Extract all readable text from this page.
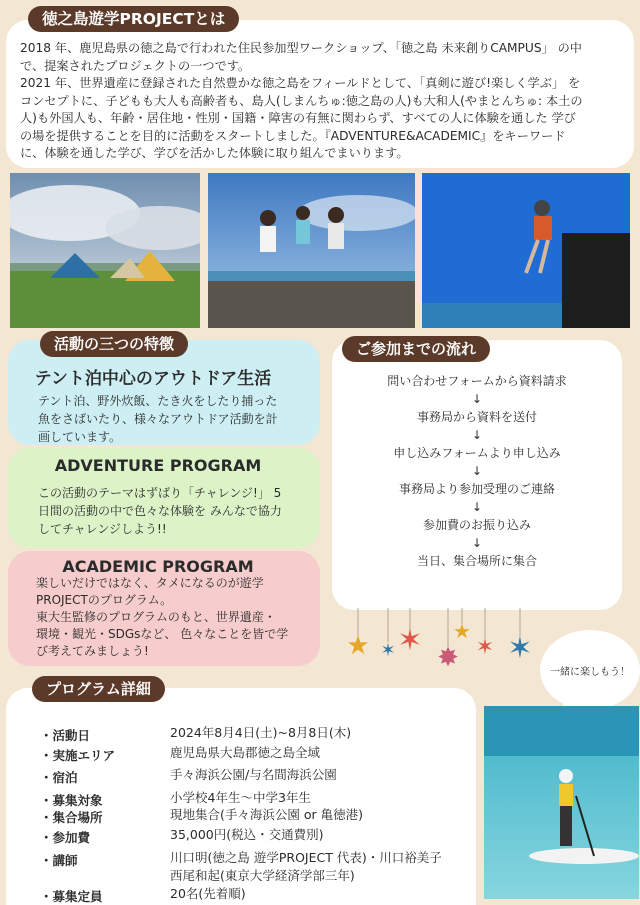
2018 年、鹿児島県の徳之島で行われた住民参加型ワークショップ、「徳之島 未来創りCAMPUS」 の中

で、提案されたプロジェクトの一つです。

2021 年、世界遺産に登録された自然豊かな徳之島をフィールドとして、「真剣に遊び!楽しく学ぶ」 を

コンセプトに、子どもも大人も高齢者も、島人(しまんちゅ:徳之島の人)も大和人(やまとんちゅ: 本土の

人)も外国人も、年齢・居住地・性別・国籍・障害の有無に関わらず、すべての人に体験を通した 学び

の場を提供することを目的に活動をスタートしました。『ADVENTURE&ACADEMIC』をキーワード

に、体験を通した学び、学びを活かした体験に取り組んでまいります。

徳之島遊学PROJECTとは
テント泊中心のアウトドア生活
テント泊、野外炊飯、たき火をしたり捕った
魚をさばいたり、様々なアウトドア活動を計
画しています。
ADVENTURE PROGRAM
この活動のテーマはずばり「チャレンジ!」 5
日間の活動の中で色々な体験を みんなで協力
してチャレンジしよう!!
ACADEMIC PROGRAM
楽しいだけではなく、タメになるのが遊学
PROJECTのプログラム。
東大生監修のプログラムのもと、世界遺産・
環境・観光・SDGsなど、 色々なことを皆で学
び考えてみましょう!
活動の三つの特徴
問い合わせフォームから資料請求
↓
事務局から資料を送付
↓
申し込みフォームより申し込み
↓
事務局より参加受理のご連絡
↓
参加費のお振り込み
↓
当日、集合場所に集合
ご参加までの流れ
★ ✶ ✶ ✸
★
✶ ✶
一緒に楽しもう！
・活動日	2024年8月4日(土)~8月8日(木)
・実施エリア	鹿児島県大島郡徳之島全域
・宿泊	手々海浜公園/与名間海浜公園
・募集対象	小学校4年生～中学3年生
・集合場所	現地集合(手々海浜公園 or 亀徳港)
・参加費	35,000円(税込・交通費別)
・講師	川口明(徳之島 遊学PROJECT 代表)・川口裕美子
西尾和起(東京大学経済学部三年)
・募集定員	20名(先着順)
プログラム詳細
